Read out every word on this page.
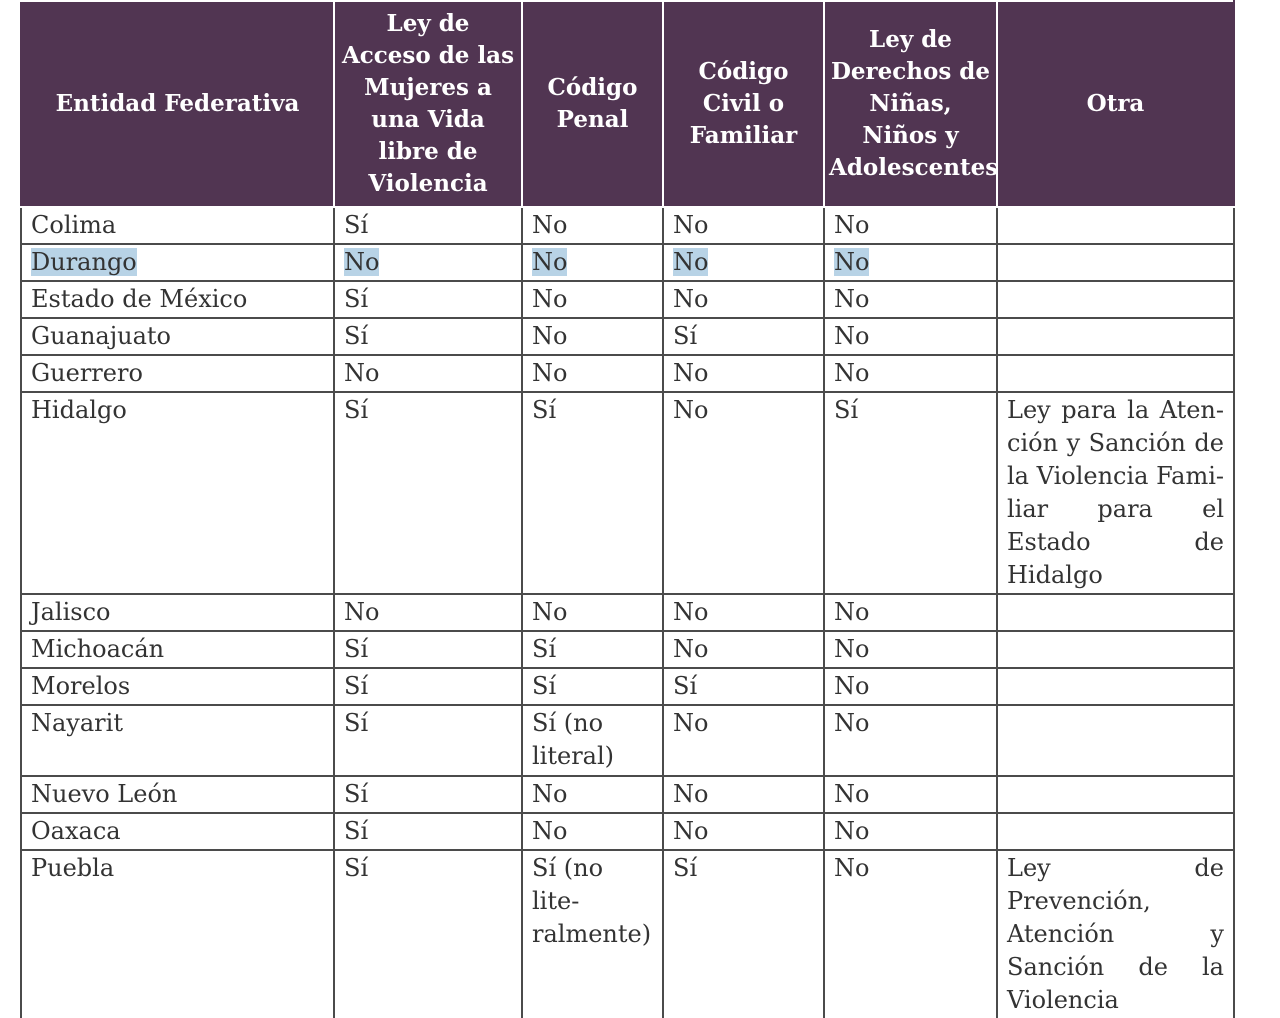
Entidad Federativa	Ley de Acceso de las Mujeres a una Vida libre de Violencia	Código Penal	Código Civil o Familiar	Ley de Derechos de Niñas, Niños y Adolescentes	Otra
Colima	Sí	No	No	No	
Durango	No	No	No	No	
Estado de México	Sí	No	No	No	
Guanajuato	Sí	No	Sí	No	
Guerrero	No	No	No	No	
Hidalgo	Sí	Sí	No	Sí	Ley para la Aten-ción y Sanción de la Violencia Fami-liar para el Estado de Hidalgo
Jalisco	No	No	No	No	
Michoacán	Sí	Sí	No	No	
Morelos	Sí	Sí	Sí	No	
Nayarit	Sí	Sí (no literal)	No	No	
Nuevo León	Sí	No	No	No	
Oaxaca	Sí	No	No	No	
Puebla	Sí	Sí (no lite-ralmente)	Sí	No	Ley de Prevención, Atención y Sanción de la Violencia
